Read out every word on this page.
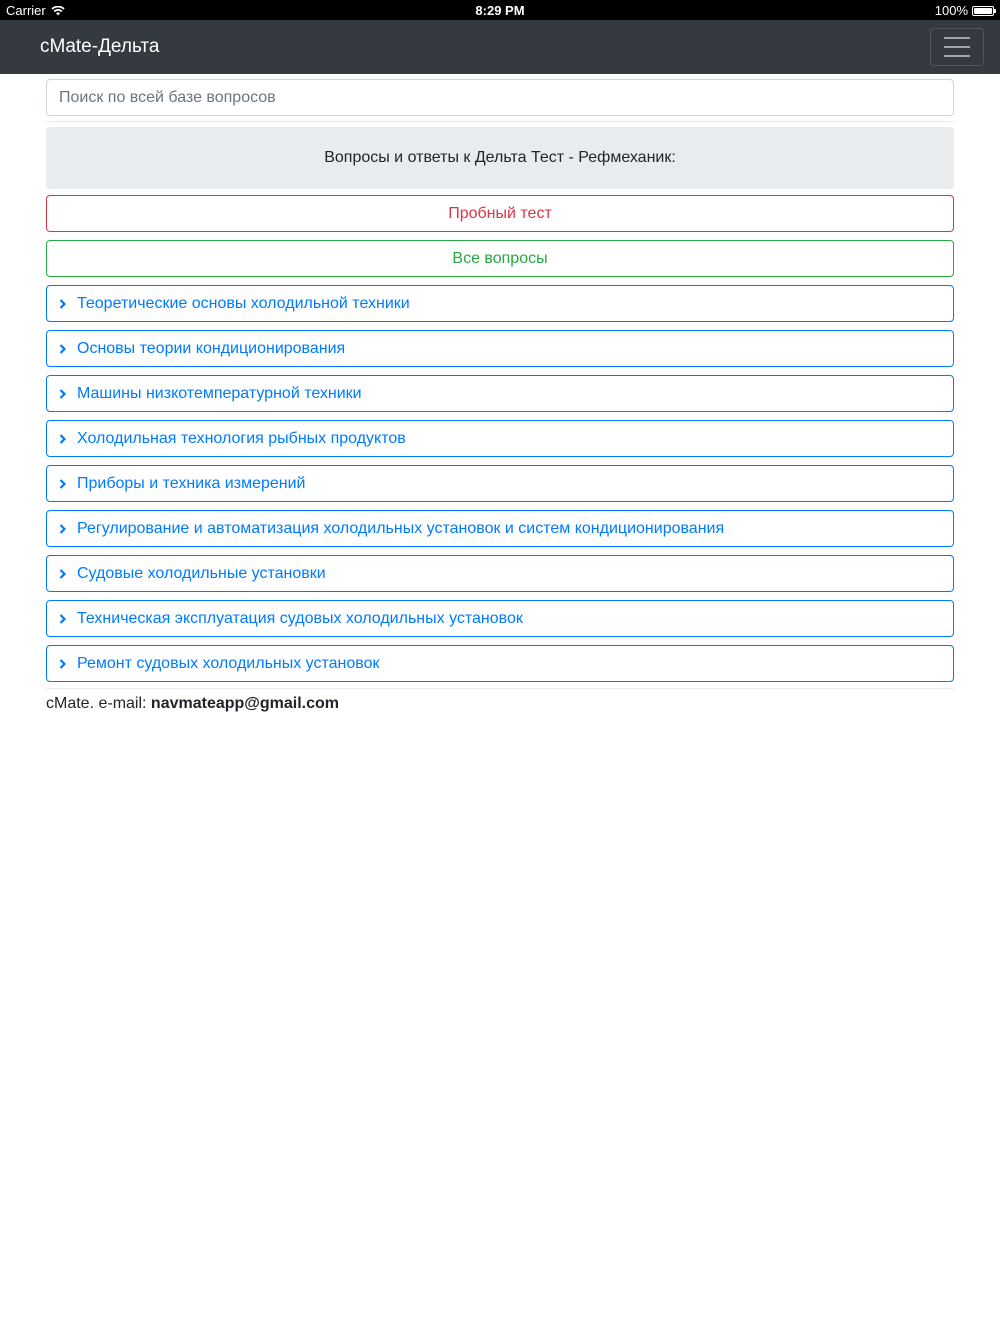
Carrier	8:29 PM	100%
cMate-Дельта
Поиск по всей базе вопросов
Вопросы и ответы к Дельта Тест - Рефмеханик:
Пробный тест
Все вопросы
Теоретические основы холодильной техники
Основы теории кондиционирования
Машины низкотемпературной техники
Холодильная технология рыбных продуктов
Приборы и техника измерений
Регулирование и автоматизация холодильных установок и систем кондиционирования
Судовые холодильные установки
Техническая эксплуатация судовых холодильных установок
Ремонт судовых холодильных установок
cMate. e-mail: navmateapp@gmail.com
